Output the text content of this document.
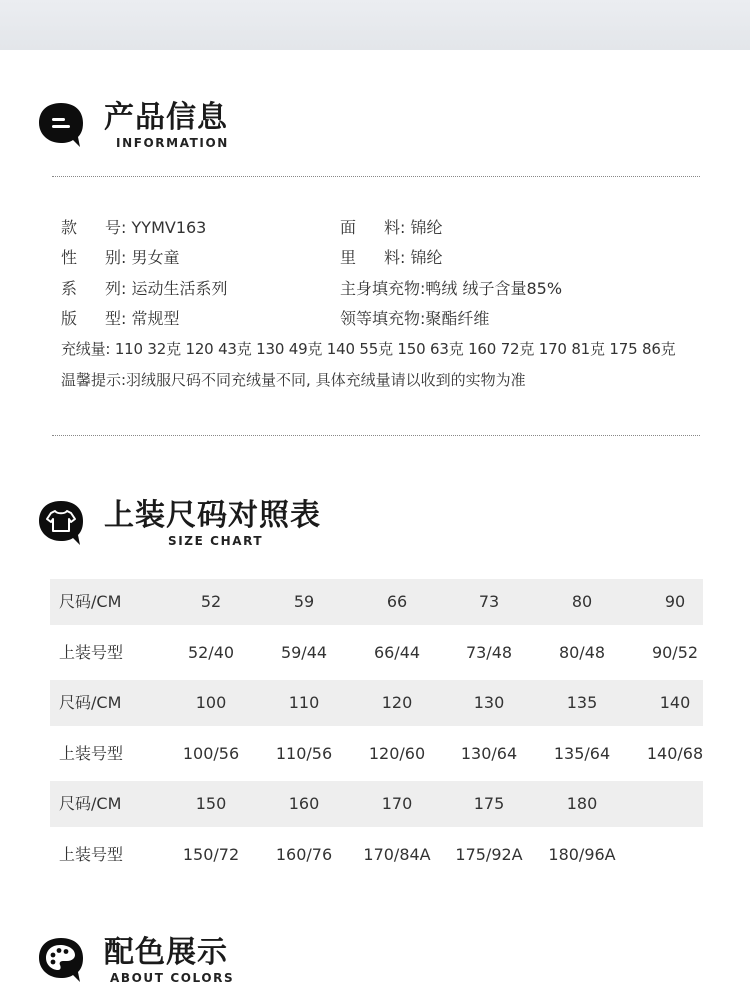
产品信息
INFORMATION
款号: YYMV163	面料: 锦纶
性别: 男女童	里料: 锦纶
系列: 运动生活系列	主身填充物:鸭绒 绒子含量85%
版型: 常规型	领等填充物:聚酯纤维
充绒量: 110 32克 120 43克 130 49克 140 55克 150 63克 160 72克 170 81克 175 86克
温馨提示:羽绒服尺码不同充绒量不同, 具体充绒量请以收到的实物为准
上装尺码对照表
SIZE CHART
尺码/CM	52	59	66	73	80	90
上装号型	52/40	59/44	66/44	73/48	80/48	90/52
尺码/CM	100	110	120	130	135	140
上装号型	100/56 110/56 120/60 130/64 135/64 140/68
尺码/CM	150	160	170	175	180
上装号型	150/72 160/76 170/84A 175/92A 180/96A
配色展示
ABOUT COLORS
